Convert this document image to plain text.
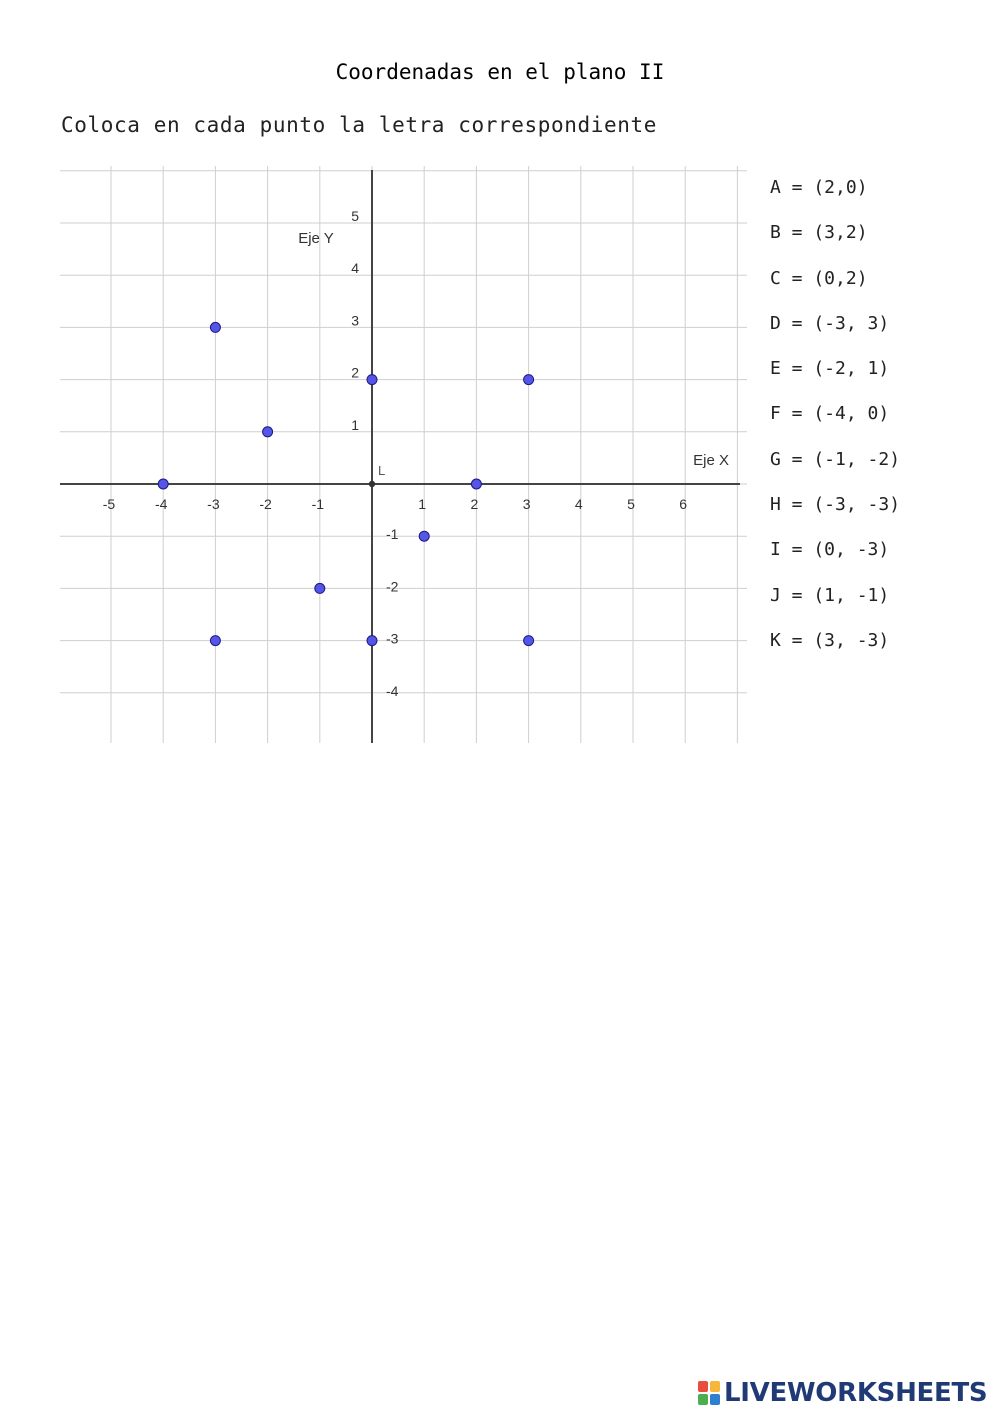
Coordenadas en el plano II
Coloca en cada punto la letra correspondiente
-5	-4	-3	-2	-1	1	2	3	4	5	6
5
4
3
2
1
-1
-2
-3
-4
Eje Y
Eje X
L
A = (2,0)
B = (3,2)
C = (0,2)
D = (-3, 3)
E = (-2, 1)
F = (-4, 0)
G = (-1, -2)
H = (-3, -3)
I = (0, -3)
J = (1, -1)
K = (3, -3)
LIVEWORKSHEETS
